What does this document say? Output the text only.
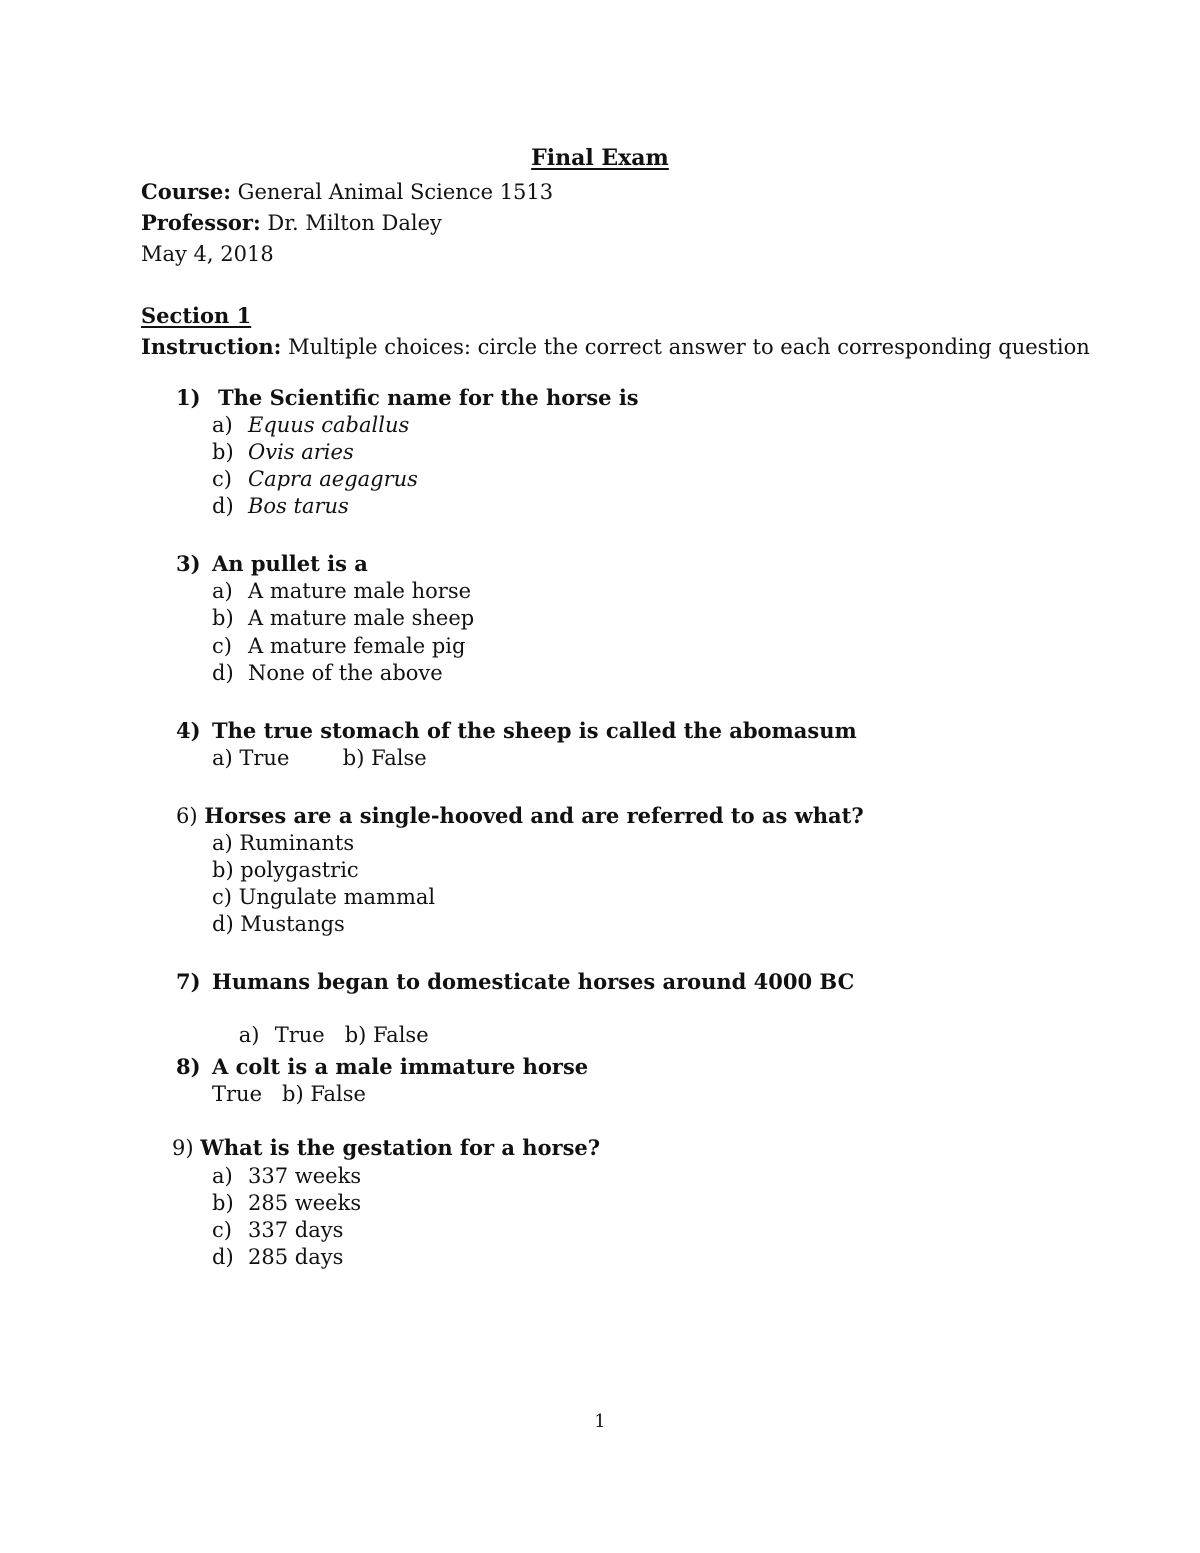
Final Exam
Course: General Animal Science 1513
Professor: Dr. Milton Daley
May 4, 2018
Section 1
Instruction: Multiple choices: circle the correct answer to each corresponding question
1) The Scientific name for the horse is
a) Equus caballus
b) Ovis aries
c) Capra aegagrus
d) Bos tarus
3) An pullet is a
a) A mature male horse
b) A mature male sheep
c) A mature female pig
d) None of the above
4) The true stomach of the sheep is called the abomasum
a) True        b) False
6) Horses are a single-hooved and are referred to as what?
a) Ruminants
b) polygastric
c) Ungulate mammal
d) Mustangs
7) Humans began to domesticate horses around 4000 BC

a) True   b) False

8) A colt is a male immature horse
True   b) False
9) What is the gestation for a horse?
a) 337 weeks
b) 285 weeks
c) 337 days
d) 285 days
1
